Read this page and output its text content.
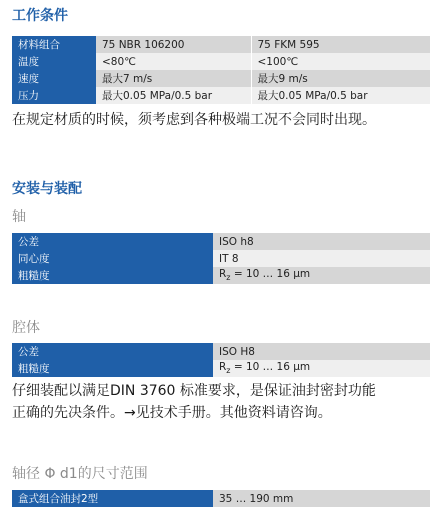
工作条件
材料组合	75 NBR 106200	75 FKM 595
温度	<80℃	<100℃
速度	最大7 m/s	最大9 m/s
压力	最大0.05 MPa/0.5 bar	最大0.05 MPa/0.5 bar
在规定材质的时候，须考虑到各种极端工况不会同时出现。
安装与装配
轴
公差	ISO h8
同心度	IT 8
粗糙度	$R_z = 10$ … 16 μm
腔体
公差	ISO H8
粗糙度	$R_z = 10$ … 16 μm
仔细装配以满足DIN 3760 标准要求，是保证油封密封功能
正确的先决条件。→见技术手册。其他资料请咨询。
轴径 Φ d1的尺寸范围
盒式组合油封2型	35 … 190 mm
